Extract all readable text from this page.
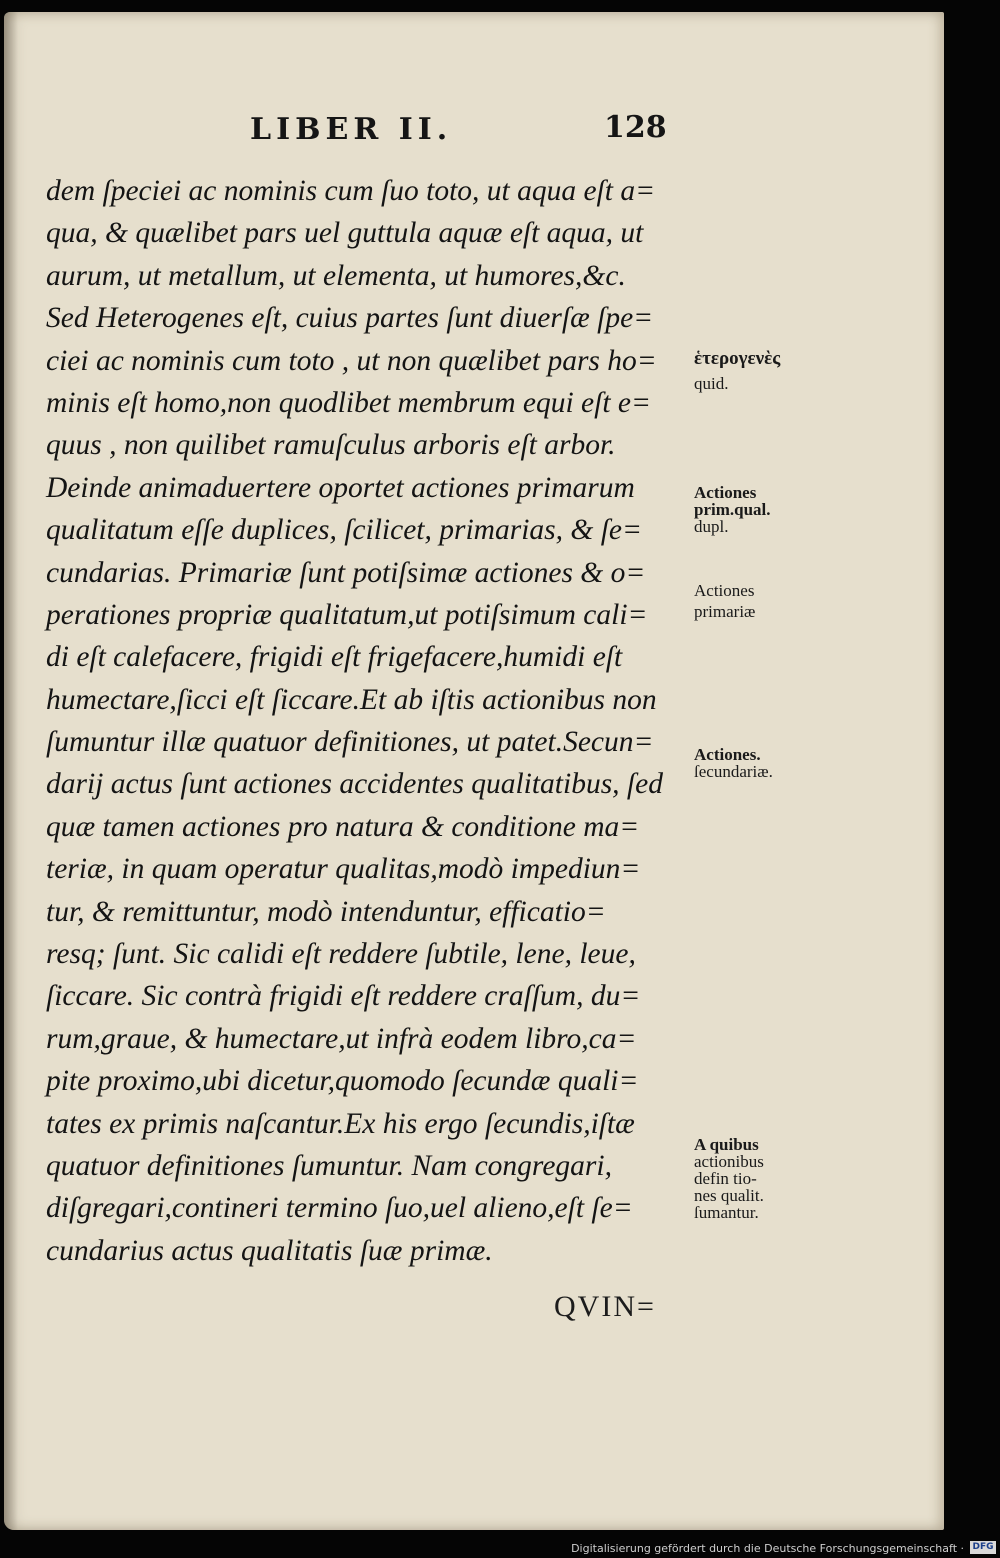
LIBER II.	128
dem ſpeciei ac nominis cum ſuo toto, ut aqua eſt a=
qua, & quælibet pars uel guttula aquæ eſt aqua, ut
aurum, ut metallum, ut elementa, ut humores,&c.
Sed Heterogenes eſt, cuius partes ſunt diuerſæ ſpe=
ciei ac nominis cum toto , ut non quælibet pars ho=
minis eſt homo,non quodlibet membrum equi eſt e=
quus , non quilibet ramuſculus arboris eſt arbor.
Deinde animaduertere oportet actiones primarum
qualitatum eſſe duplices, ſcilicet, primarias, & ſe=
cundarias. Primariæ ſunt potiſsimæ actiones & o=
perationes propriæ qualitatum,ut potiſsimum cali=
di eſt calefacere, frigidi eſt frigefacere,humidi eſt
humectare,ſicci eſt ſiccare.Et ab iſtis actionibus non
ſumuntur illæ quatuor definitiones, ut patet.Secun=
darij actus ſunt actiones accidentes qualitatibus, ſed
quæ tamen actiones pro natura & conditione ma=
teriæ, in quam operatur qualitas,modò impediun=
tur, & remittuntur, modò intenduntur, efficatio=
resq; ſunt. Sic calidi eſt reddere ſubtile, lene, leue,
ſiccare. Sic contrà frigidi eſt reddere craſſum, du=
rum,graue, & humectare,ut infrà eodem libro,ca=
pite proximo,ubi dicetur,quomodo ſecundæ quali=
tates ex primis naſcantur.Ex his ergo ſecundis,iſtæ
quatuor definitiones ſumuntur. Nam congregari,
diſgregari,contineri termino ſuo,uel alieno,eſt ſe=
cundarius actus qualitatis ſuæ primæ.
ἑτερογενὲς
quid.
Actiones
prim.qual.
dupl.
Actiones
primariæ
Actiones.
ſecundariæ.
A quibus
actionibus
defin tio-
nes qualit.
ſumantur.
QVIN=
Digitalisierung gefördert durch die Deutsche Forschungsgemeinschaft · DFG
